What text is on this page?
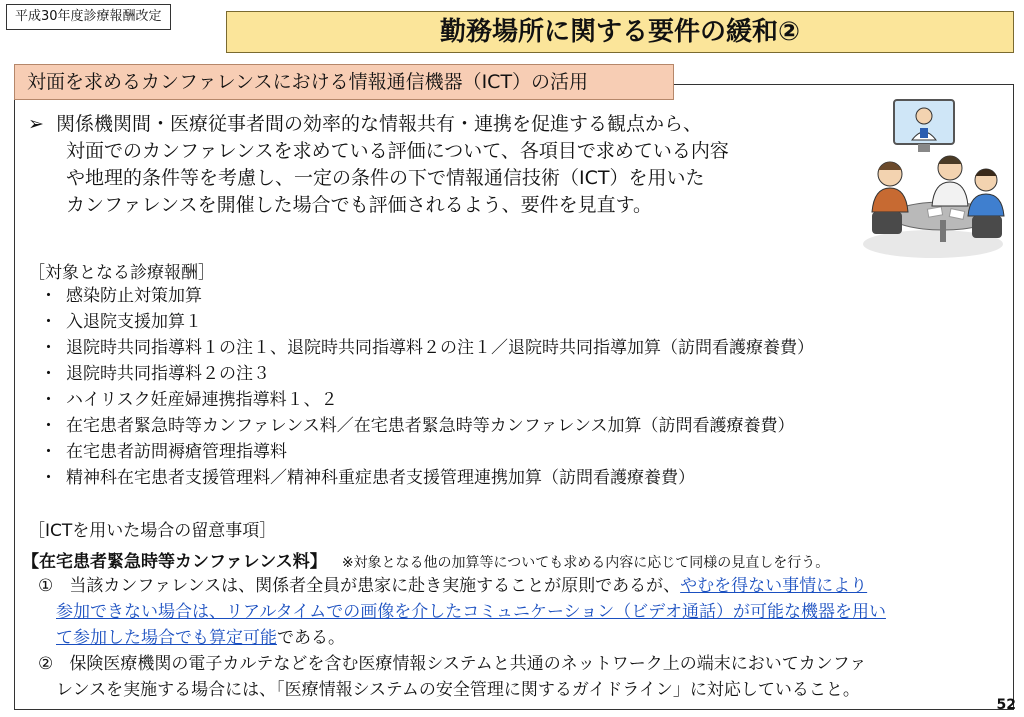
平成30年度診療報酬改定
勤務場所に関する要件の緩和②
対面を求めるカンファレンスにおける情報通信機器（ICT）の活用
➢ 関係機関間・医療従事者間の効率的な情報共有・連携を促進する観点から、
対面でのカンファレンスを求めている評価について、各項目で求めている内容
や地理的条件等を考慮し、一定の条件の下で情報通信技術（ICT）を用いた
カンファレンスを開催した場合でも評価されるよう、要件を見直す。
［対象となる診療報酬］
・ 感染防止対策加算
・ 入退院支援加算１
・ 退院時共同指導料１の注１、退院時共同指導料２の注１／退院時共同指導加算（訪問看護療養費）
・ 退院時共同指導料２の注３
・ ハイリスク妊産婦連携指導料１、２
・ 在宅患者緊急時等カンファレンス料／在宅患者緊急時等カンファレンス加算（訪問看護療養費）
・ 在宅患者訪問褥瘡管理指導料
・ 精神科在宅患者支援管理料／精神科重症患者支援管理連携加算（訪問看護療養費）
［ICTを用いた場合の留意事項］
【在宅患者緊急時等カンファレンス料】 ※対象となる他の加算等についても求める内容に応じて同様の見直しを行う。
① 当該カンファレンスは、関係者全員が患家に赴き実施することが原則であるが、やむを得ない事情により
参加できない場合は、リアルタイムでの画像を介したコミュニケーション（ビデオ通話）が可能な機器を用い
て参加した場合でも算定可能である。
② 保険医療機関の電子カルテなどを含む医療情報システムと共通のネットワーク上の端末においてカンファ
レンスを実施する場合には、「医療情報システムの安全管理に関するガイドライン」に対応していること。
52
